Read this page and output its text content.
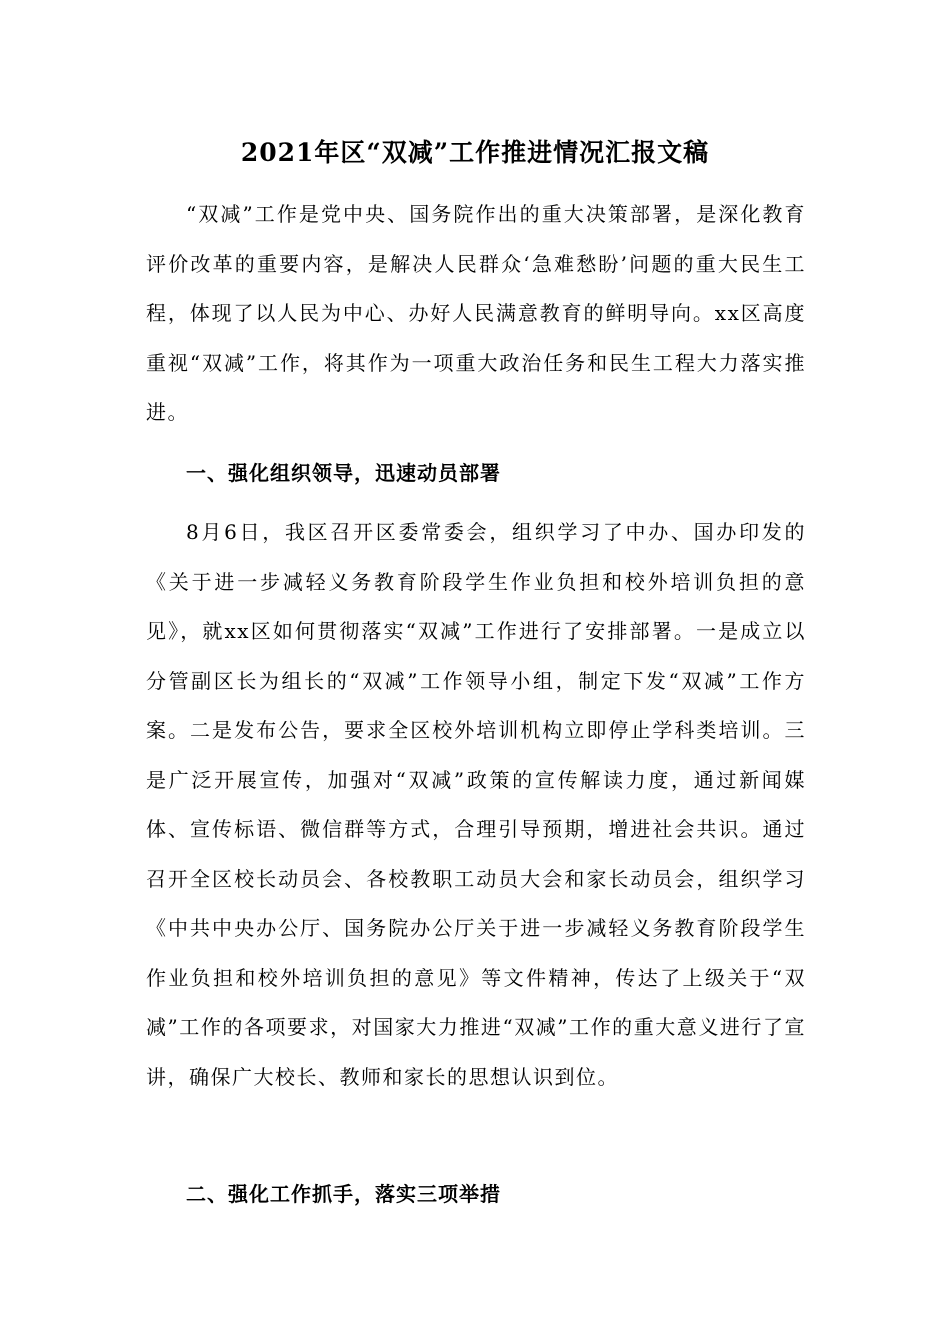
2021年区“双减”工作推进情况汇报文稿

“双减”工作是党中央、国务院作出的重大决策部署，是深化教育评价改革的重要内容，是解决人民群众‘急难愁盼’问题的重大民生工程，体现了以人民为中心、办好人民满意教育的鲜明导向。xx区高度重视“双减”工作，将其作为一项重大政治任务和民生工程大力落实推进。

一、强化组织领导，迅速动员部署

8月6日，我区召开区委常委会，组织学习了中办、国办印发的《关于进一步减轻义务教育阶段学生作业负担和校外培训负担的意见》，就xx区如何贯彻落实“双减”工作进行了安排部署。一是成立以分管副区长为组长的“双减”工作领导小组，制定下发“双减”工作方案。二是发布公告，要求全区校外培训机构立即停止学科类培训。三是广泛开展宣传，加强对“双减”政策的宣传解读力度，通过新闻媒体、宣传标语、微信群等方式，合理引导预期，增进社会共识。通过召开全区校长动员会、各校教职工动员大会和家长动员会，组织学习《中共中央办公厅、国务院办公厅关于进一步减轻义务教育阶段学生作业负担和校外培训负担的意见》等文件精神，传达了上级关于“双减”工作的各项要求，对国家大力推进“双减”工作的重大意义进行了宣讲，确保广大校长、教师和家长的思想认识到位。

二、强化工作抓手，落实三项举措
